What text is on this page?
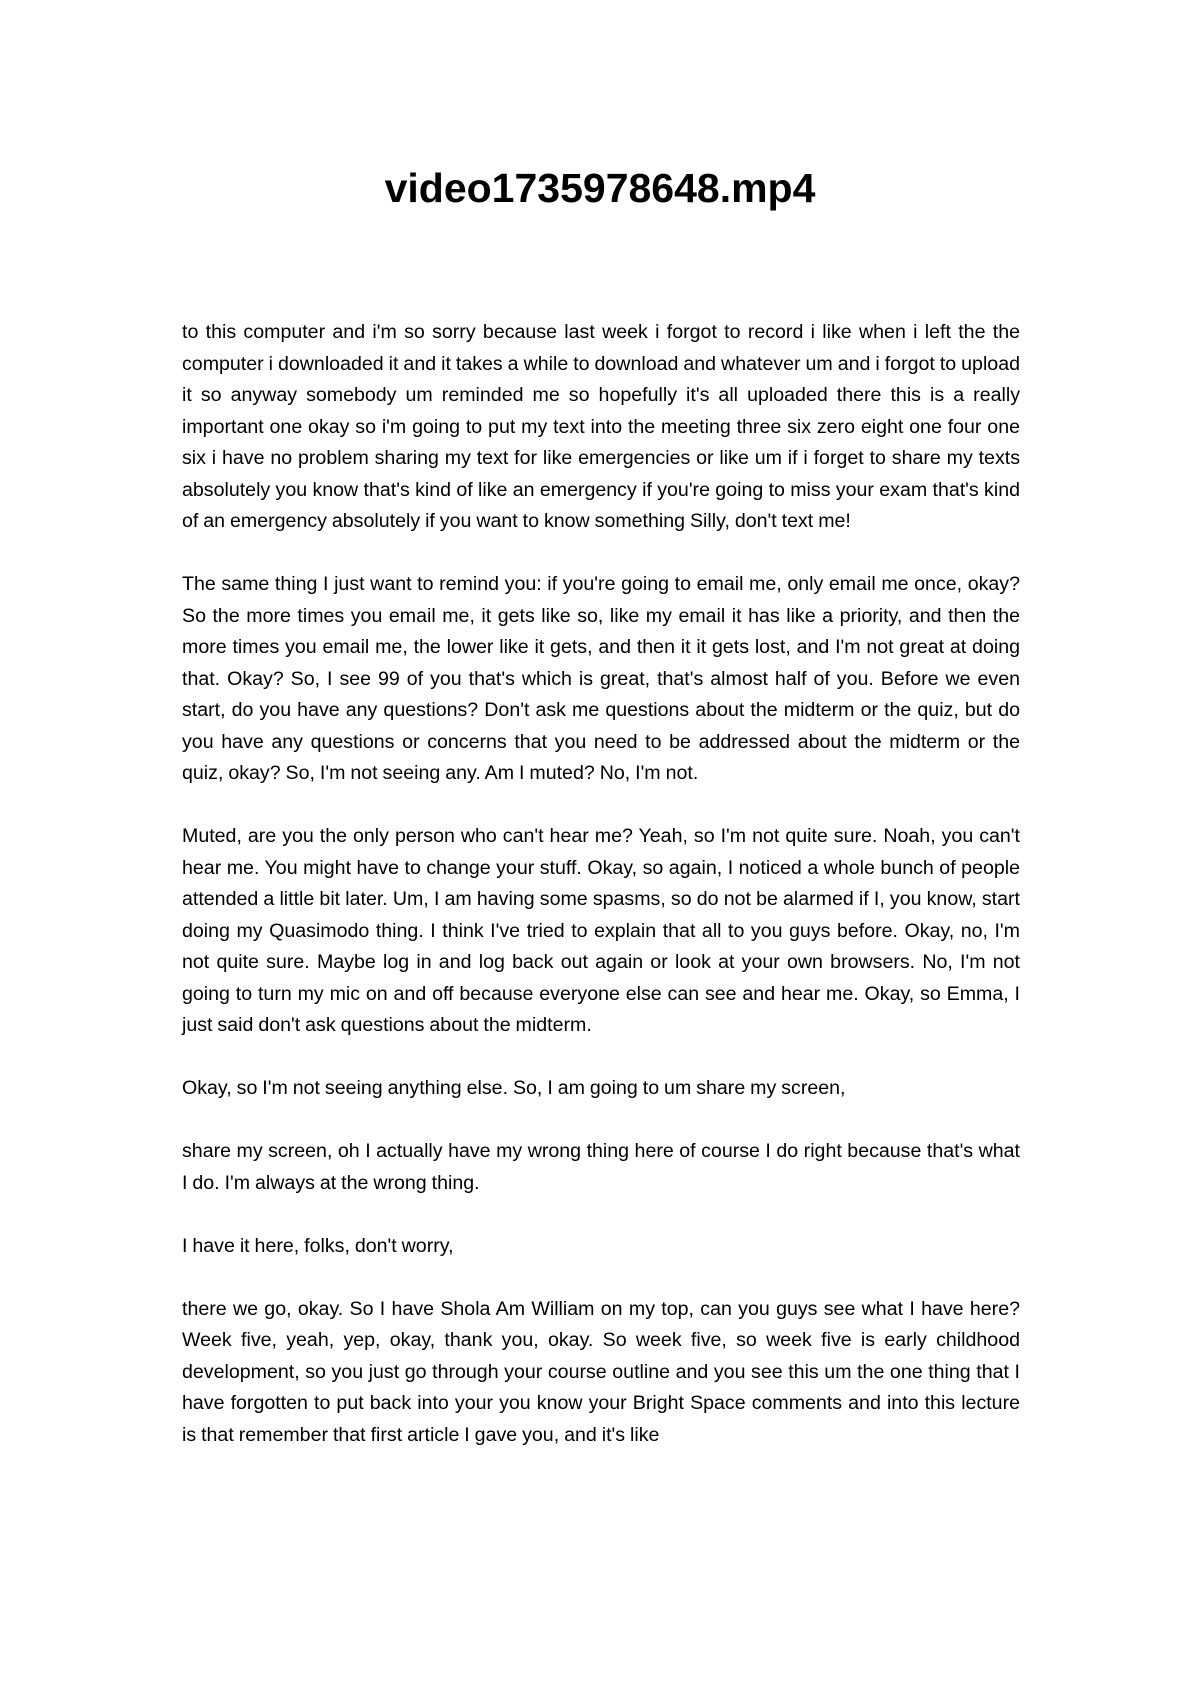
video1735978648.mp4

to this computer and i'm so sorry because last week i forgot to record i like when i left the the computer i downloaded it and it takes a while to download and whatever um and i forgot to upload it so anyway somebody um reminded me so hopefully it's all uploaded there this is a really important one okay so i'm going to put my text into the meeting three six zero eight one four one six i have no problem sharing my text for like emergencies or like um if i forget to share my texts absolutely you know that's kind of like an emergency if you're going to miss your exam that's kind of an emergency absolutely if you want to know something Silly, don't text me!

The same thing I just want to remind you: if you're going to email me, only email me once, okay? So the more times you email me, it gets like so, like my email it has like a priority, and then the more times you email me, the lower like it gets, and then it it gets lost, and I'm not great at doing that. Okay? So, I see 99 of you that's which is great, that's almost half of you. Before we even start, do you have any questions? Don't ask me questions about the midterm or the quiz, but do you have any questions or concerns that you need to be addressed about the midterm or the quiz, okay? So, I'm not seeing any. Am I muted? No, I'm not.

Muted, are you the only person who can't hear me? Yeah, so I'm not quite sure. Noah, you can't hear me. You might have to change your stuff. Okay, so again, I noticed a whole bunch of people attended a little bit later. Um, I am having some spasms, so do not be alarmed if I, you know, start doing my Quasimodo thing. I think I've tried to explain that all to you guys before. Okay, no, I'm not quite sure. Maybe log in and log back out again or look at your own browsers. No, I'm not going to turn my mic on and off because everyone else can see and hear me. Okay, so Emma, I just said don't ask questions about the midterm.

Okay, so I'm not seeing anything else. So, I am going to um share my screen,

share my screen, oh I actually have my wrong thing here of course I do right because that's what I do. I'm always at the wrong thing.

I have it here, folks, don't worry,

there we go, okay. So I have Shola Am William on my top, can you guys see what I have here? Week five, yeah, yep, okay, thank you, okay. So week five, so week five is early childhood development, so you just go through your course outline and you see this um the one thing that I have forgotten to put back into your you know your Bright Space comments and into this lecture is that remember that first article I gave you, and it's like
